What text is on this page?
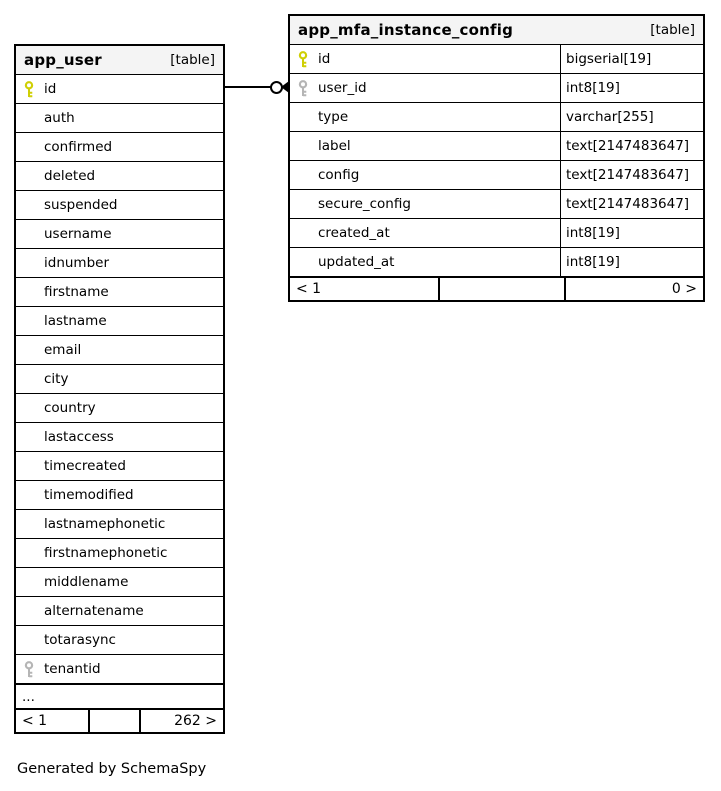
app_user	[table]
id
auth
confirmed
deleted
suspended
username
idnumber
firstname
lastname
email
city
country
lastaccess
timecreated
timemodified
lastnamephonetic
firstnamephonetic
middlename
alternatename
totarasync
tenantid
...
< 1	262 >
app_mfa_instance_config	[table]
id	bigserial[19]
user_id	int8[19]
type	varchar[255]
label	text[2147483647]
config	text[2147483647]
secure_config	text[2147483647]
created_at	int8[19]
updated_at	int8[19]
< 1	0 >
Generated by SchemaSpy
